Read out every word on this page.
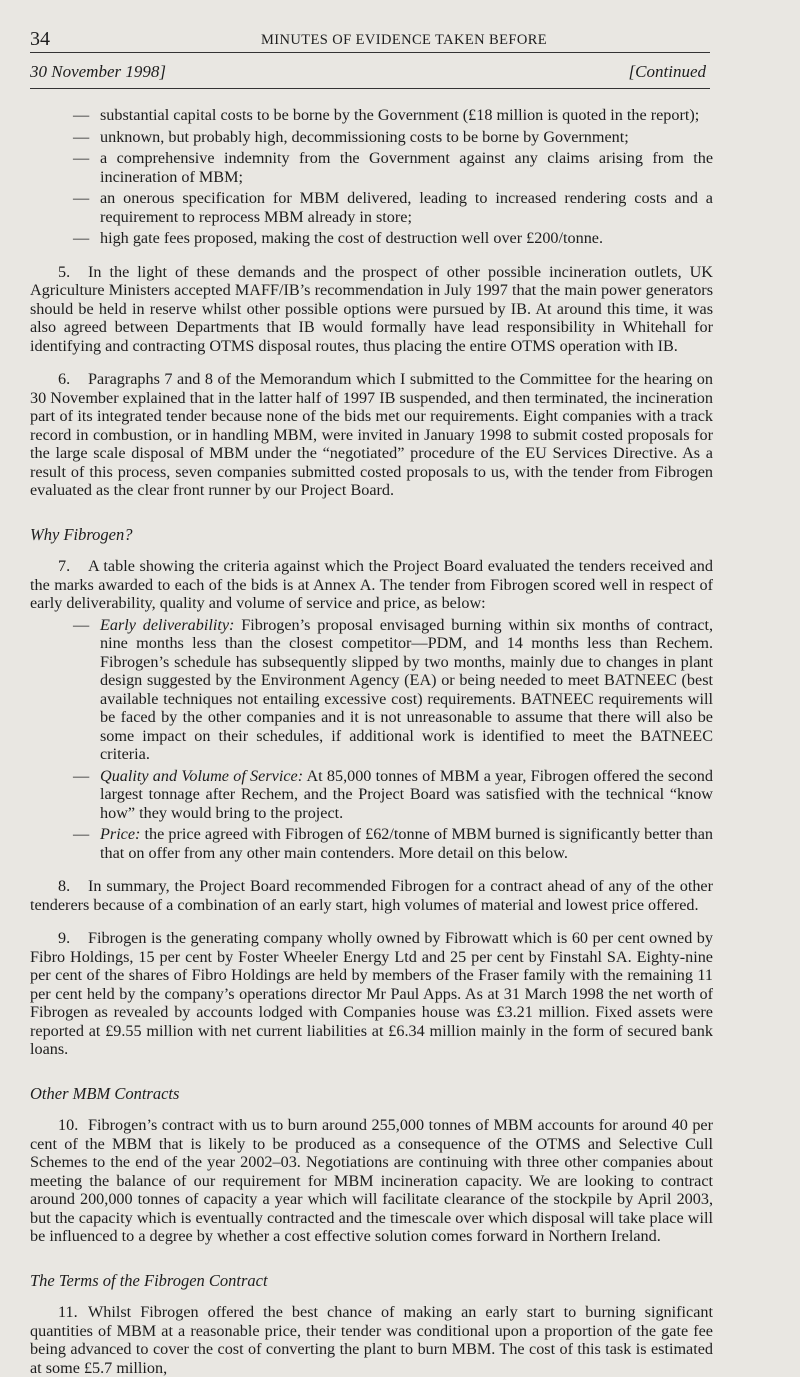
34	MINUTES OF EVIDENCE TAKEN BEFORE
30 November 1998]	[Continued
— substantial capital costs to be borne by the Government (£18 million is quoted in the report);
— unknown, but probably high, decommissioning costs to be borne by Government;
— a comprehensive indemnity from the Government against any claims arising from the incineration of MBM;
— an onerous specification for MBM delivered, leading to increased rendering costs and a requirement to reprocess MBM already in store;
— high gate fees proposed, making the cost of destruction well over £200/tonne.

5. In the light of these demands and the prospect of other possible incineration outlets, UK Agriculture Ministers accepted MAFF/IB’s recommendation in July 1997 that the main power generators should be held in reserve whilst other possible options were pursued by IB. At around this time, it was also agreed between Departments that IB would formally have lead responsibility in Whitehall for identifying and contracting OTMS disposal routes, thus placing the entire OTMS operation with IB.

6. Paragraphs 7 and 8 of the Memorandum which I submitted to the Committee for the hearing on 30 November explained that in the latter half of 1997 IB suspended, and then terminated, the incineration part of its integrated tender because none of the bids met our requirements. Eight companies with a track record in combustion, or in handling MBM, were invited in January 1998 to submit costed proposals for the large scale disposal of MBM under the “negotiated” procedure of the EU Services Directive. As a result of this process, seven companies submitted costed proposals to us, with the tender from Fibrogen evaluated as the clear front runner by our Project Board.

Why Fibrogen?

7. A table showing the criteria against which the Project Board evaluated the tenders received and the marks awarded to each of the bids is at Annex A. The tender from Fibrogen scored well in respect of early deliverability, quality and volume of service and price, as below:

— Early deliverability: Fibrogen’s proposal envisaged burning within six months of contract, nine months less than the closest competitor—PDM, and 14 months less than Rechem. Fibrogen’s schedule has subsequently slipped by two months, mainly due to changes in plant design suggested by the Environment Agency (EA) or being needed to meet BATNEEC (best available techniques not entailing excessive cost) requirements. BATNEEC requirements will be faced by the other companies and it is not unreasonable to assume that there will also be some impact on their schedules, if additional work is identified to meet the BATNEEC criteria.
— Quality and Volume of Service: At 85,000 tonnes of MBM a year, Fibrogen offered the second largest tonnage after Rechem, and the Project Board was satisfied with the technical “know how” they would bring to the project.
— Price: the price agreed with Fibrogen of £62/tonne of MBM burned is significantly better than that on offer from any other main contenders. More detail on this below.

8. In summary, the Project Board recommended Fibrogen for a contract ahead of any of the other tenderers because of a combination of an early start, high volumes of material and lowest price offered.

9. Fibrogen is the generating company wholly owned by Fibrowatt which is 60 per cent owned by Fibro Holdings, 15 per cent by Foster Wheeler Energy Ltd and 25 per cent by Finstahl SA. Eighty-nine per cent of the shares of Fibro Holdings are held by members of the Fraser family with the remaining 11 per cent held by the company’s operations director Mr Paul Apps. As at 31 March 1998 the net worth of Fibrogen as revealed by accounts lodged with Companies house was £3.21 million. Fixed assets were reported at £9.55 million with net current liabilities at £6.34 million mainly in the form of secured bank loans.

Other MBM Contracts

10. Fibrogen’s contract with us to burn around 255,000 tonnes of MBM accounts for around 40 per cent of the MBM that is likely to be produced as a consequence of the OTMS and Selective Cull Schemes to the end of the year 2002–03. Negotiations are continuing with three other companies about meeting the balance of our requirement for MBM incineration capacity. We are looking to contract around 200,000 tonnes of capacity a year which will facilitate clearance of the stockpile by April 2003, but the capacity which is eventually contracted and the timescale over which disposal will take place will be influenced to a degree by whether a cost effective solution comes forward in Northern Ireland.

The Terms of the Fibrogen Contract

11. Whilst Fibrogen offered the best chance of making an early start to burning significant quantities of MBM at a reasonable price, their tender was conditional upon a proportion of the gate fee being advanced to cover the cost of converting the plant to burn MBM. The cost of this task is estimated at some £5.7 million,
